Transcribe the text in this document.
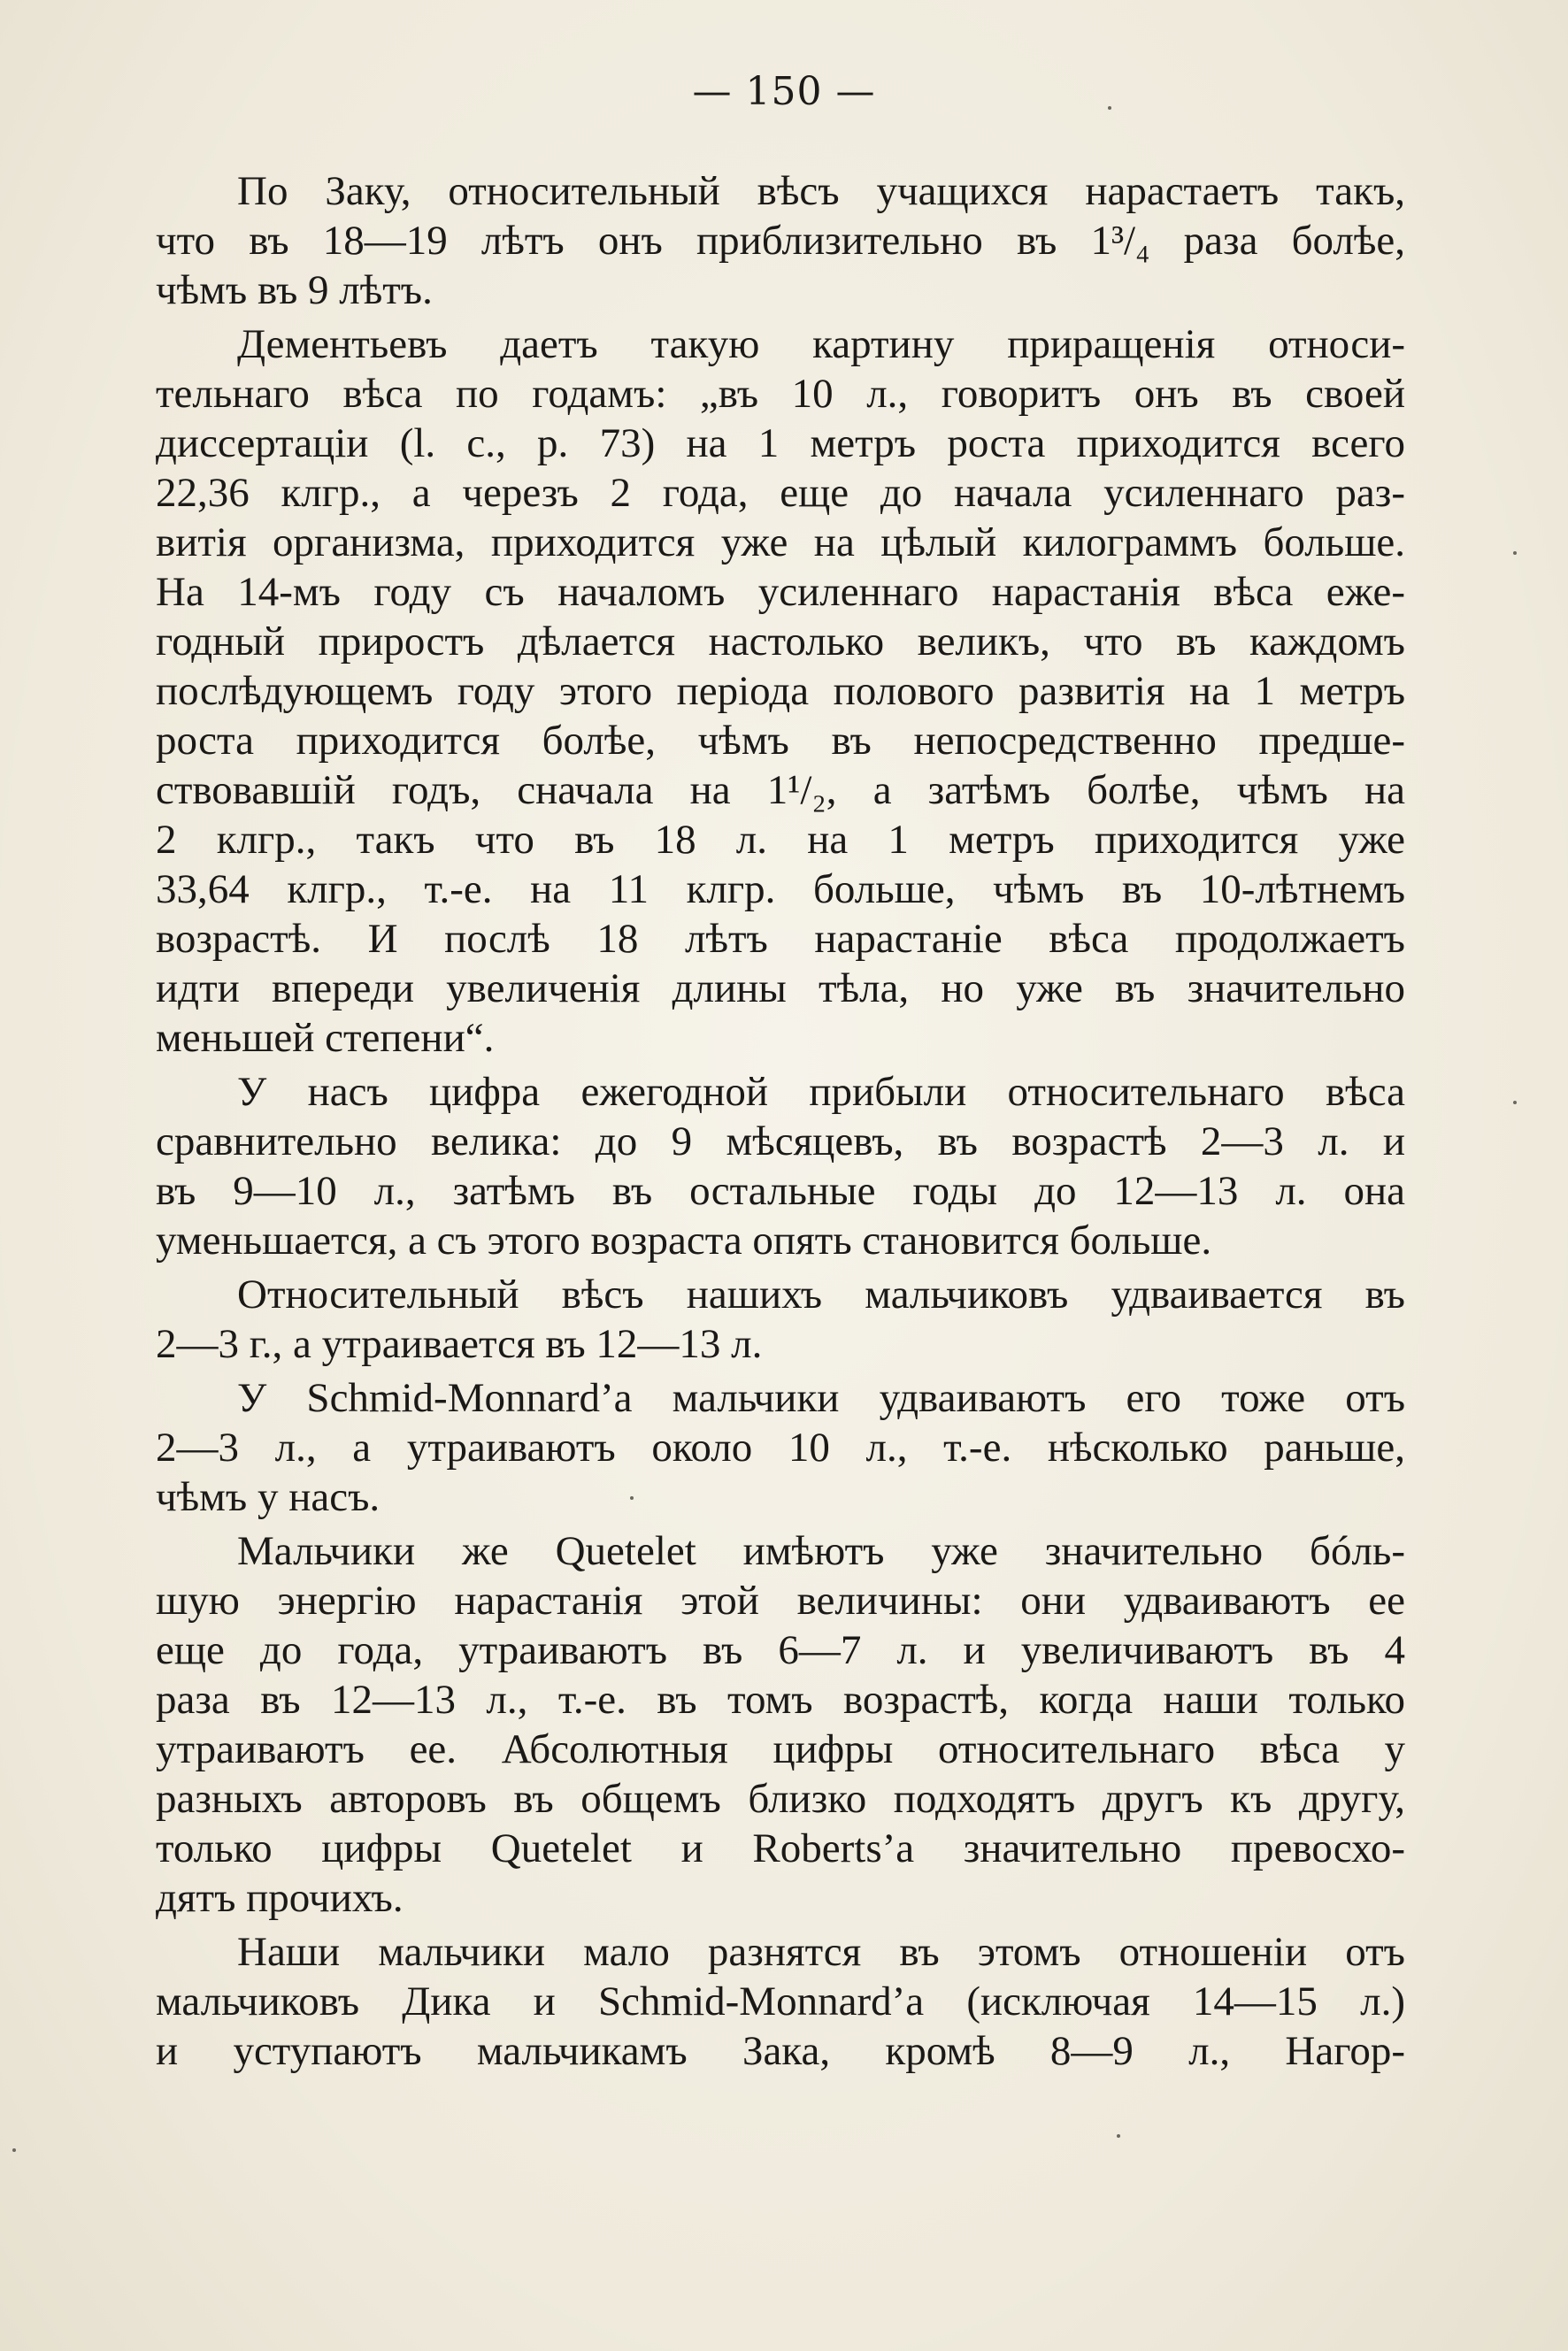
— 150 —
По Заку, относительный вѣсъ учащихся нарастаетъ такъ,
что въ 18—19 лѣтъ онъ приблизительно въ 1³/₄ раза болѣе,
чѣмъ въ 9 лѣтъ.
Дементьевъ даетъ такую картину приращенія относи-
тельнаго вѣса по годамъ: „въ 10 л., говоритъ онъ въ своей
диссертаціи (l. c., p. 73) на 1 метръ роста приходится всего
22,36 клгр., а черезъ 2 года, еще до начала усиленнаго раз-
витія организма, приходится уже на цѣлый килограммъ больше.
На 14-мъ году съ началомъ усиленнаго нарастанія вѣса еже-
годный приростъ дѣлается настолько великъ, что въ каждомъ
послѣдующемъ году этого періода полового развитія на 1 метръ
роста приходится болѣе, чѣмъ въ непосредственно предше-
ствовавшій годъ, сначала на 1¹/₂, а затѣмъ болѣе, чѣмъ на
2 клгр., такъ что въ 18 л. на 1 метръ приходится уже
33,64 клгр., т.-е. на 11 клгр. больше, чѣмъ въ 10-лѣтнемъ
возрастѣ. И послѣ 18 лѣтъ нарастаніе вѣса продолжаетъ
идти впереди увеличенія длины тѣла, но уже въ значительно
меньшей степени“.
У насъ цифра ежегодной прибыли относительнаго вѣса
сравнительно велика: до 9 мѣсяцевъ, въ возрастѣ 2—3 л. и
въ 9—10 л., затѣмъ въ остальные годы до 12—13 л. она
уменьшается, а съ этого возраста опять становится больше.
Относительный вѣсъ нашихъ мальчиковъ удваивается въ
2—3 г., а утраивается въ 12—13 л.
У Schmid-Monnard’a мальчики удваиваютъ его тоже отъ
2—3 л., а утраиваютъ около 10 л., т.-е. нѣсколько раньше,
чѣмъ у насъ.
Мальчики же Quetelet имѣютъ уже значительно бóль-
шую энергію нарастанія этой величины: они удваиваютъ ее
еще до года, утраиваютъ въ 6—7 л. и увеличиваютъ въ 4
раза въ 12—13 л., т.-е. въ томъ возрастѣ, когда наши только
утраиваютъ ее. Абсолютныя цифры относительнаго вѣса у
разныхъ авторовъ въ общемъ близко подходятъ другъ къ другу,
только цифры Quetelet и Roberts’a значительно превосхо-
дятъ прочихъ.
Наши мальчики мало разнятся въ этомъ отношеніи отъ
мальчиковъ Дика и Schmid-Monnard’a (исключая 14—15 л.)
и уступаютъ мальчикамъ Зака, кромѣ 8—9 л., Нагор-
